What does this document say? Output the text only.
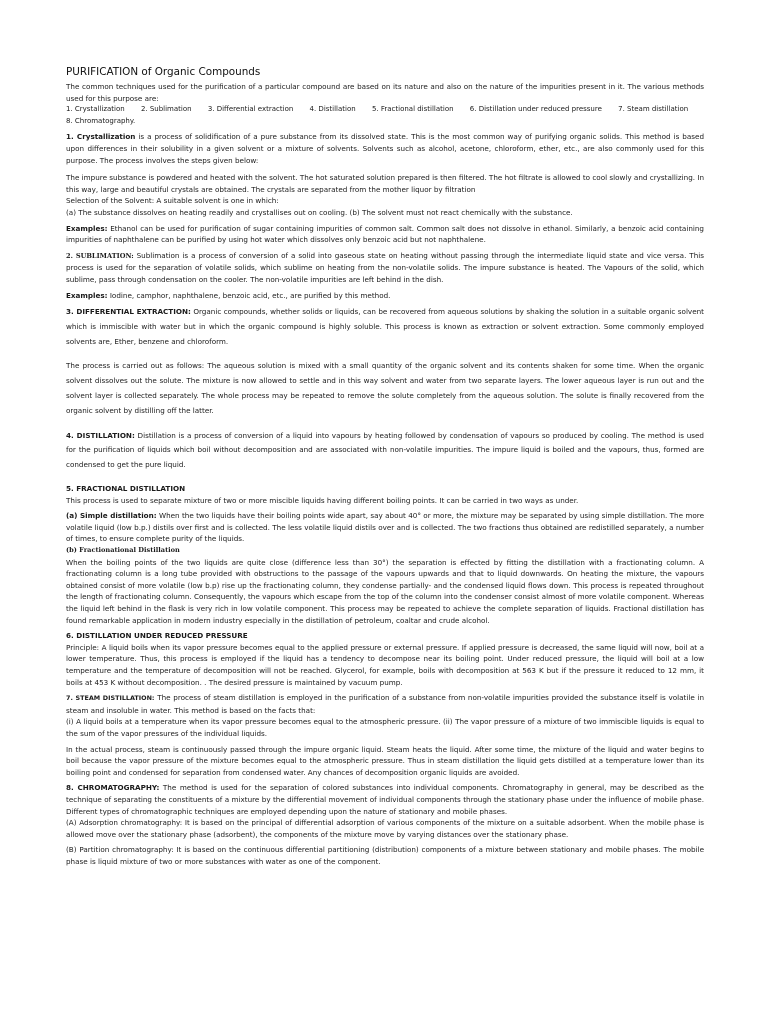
PURIFICATION of Organic Compounds

The common techniques used for the purification of a particular compound are based on its nature and also on the nature of the impurities present in it. The various methods used for this purpose are:

1. Crystallization 2. Sublimation 3. Differential extraction 4. Distillation 5. Fractional distillation 6. Distillation under reduced pressure 7. Steam distillation 8. Chromatography.

1. Crystallization is a process of solidification of a pure substance from its dissolved state. This is the most common way of purifying organic solids. This method is based upon differences in their solubility in a given solvent or a mixture of solvents. Solvents such as alcohol, acetone, chloroform, ether, etc., are also commonly used for this purpose. The process involves the steps given below:

The impure substance is powdered and heated with the solvent. The hot saturated solution prepared is then filtered. The hot filtrate is allowed to cool slowly and crystallizing. In this way, large and beautiful crystals are obtained. The crystals are separated from the mother liquor by filtration

Selection of the Solvent: A suitable solvent is one in which:

(a) The substance dissolves on heating readily and crystallises out on cooling. (b) The solvent must not react chemically with the substance.

Examples: Ethanol can be used for purification of sugar containing impurities of common salt. Common salt does not dissolve in ethanol. Similarly, a benzoic acid containing impurities of naphthalene can be purified by using hot water which dissolves only benzoic acid but not naphthalene.

2. SUBLIMATION: Sublimation is a process of conversion of a solid into gaseous state on heating without passing through the intermediate liquid state and vice versa. This process is used for the separation of volatile solids, which sublime on heating from the non-volatile solids. The impure substance is heated. The Vapours of the solid, which sublime, pass through condensation on the cooler. The non-volatile impurities are left behind in the dish.

Examples: Iodine, camphor, naphthalene, benzoic acid, etc., are purified by this method.

3. DIFFERENTIAL EXTRACTION: Organic compounds, whether solids or liquids, can be recovered from aqueous solutions by shaking the solution in a suitable organic solvent which is immiscible with water but in which the organic compound is highly soluble. This process is known as extraction or solvent extraction. Some commonly employed solvents are, Ether, benzene and chloroform.

The process is carried out as follows: The aqueous solution is mixed with a small quantity of the organic solvent and its contents shaken for some time. When the organic solvent dissolves out the solute. The mixture is now allowed to settle and in this way solvent and water from two separate layers. The lower aqueous layer is run out and the solvent layer is collected separately. The whole process may be repeated to remove the solute completely from the aqueous solution. The solute is finally recovered from the organic solvent by distilling off the latter.

4. DISTILLATION: Distillation is a process of conversion of a liquid into vapours by heating followed by condensation of vapours so produced by cooling. The method is used for the purification of liquids which boil without decomposition and are associated with non-volatile impurities. The impure liquid is boiled and the vapours, thus, formed are condensed to get the pure liquid.

5. FRACTIONAL DISTILLATION

This process is used to separate mixture of two or more miscible liquids having different boiling points. It can be carried in two ways as under.

(a) Simple distillation: When the two liquids have their boiling points wide apart, say about 40° or more, the mixture may be separated by using simple distillation. The more volatile liquid (low b.p.) distils over first and is collected. The less volatile liquid distils over and is collected. The two fractions thus obtained are redistilled separately, a number of times, to ensure complete purity of the liquids.

(b) Fractionational Distillation

When the boiling points of the two liquids are quite close (difference less than 30°) the separation is effected by fitting the distillation with a fractionating column. A fractionating column is a long tube provided with obstructions to the passage of the vapours upwards and that to liquid downwards. On heating the mixture, the vapours obtained consist of more volatile (low b.p) rise up the fractionating column, they condense partially- and the condensed liquid flows down. This process is repeated throughout the length of fractionating column. Consequently, the vapours which escape from the top of the column into the condenser consist almost of more volatile component. Whereas the liquid left behind in the flask is very rich in low volatile component. This process may be repeated to achieve the complete separation of liquids. Fractional distillation has found remarkable application in modern industry especially in the distillation of petroleum, coaltar and crude alcohol.

6. DISTILLATION UNDER REDUCED PRESSURE

Principle: A liquid boils when its vapor pressure becomes equal to the applied pressure or external pressure. If applied pressure is decreased, the same liquid will now, boil at a lower temperature. Thus, this process is employed if the liquid has a tendency to decompose near its boiling point. Under reduced pressure, the liquid will boil at a low temperature and the temperature of decomposition will not be reached. Glycerol, for example, boils with decomposition at 563 K but if the pressure it reduced to 12 mm, it boils at 453 K without decomposition. . The desired pressure is maintained by vacuum pump.

7. STEAM DISTILLATION: The process of steam distillation is employed in the purification of a substance from non-volatile impurities provided the substance itself is volatile in steam and insoluble in water. This method is based on the facts that:

(i) A liquid boils at a temperature when its vapor pressure becomes equal to the atmospheric pressure. (ii) The vapor pressure of a mixture of two immiscible liquids is equal to the sum of the vapor pressures of the individual liquids.

In the actual process, steam is continuously passed through the impure organic liquid. Steam heats the liquid. After some time, the mixture of the liquid and water begins to boil because the vapor pressure of the mixture becomes equal to the atmospheric pressure. Thus in steam distillation the liquid gets distilled at a temperature lower than its boiling point and condensed for separation from condensed water. Any chances of decomposition organic liquids are avoided.

8. CHROMATOGRAPHY: The method is used for the separation of colored substances into individual components. Chromatography in general, may be described as the technique of separating the constituents of a mixture by the differential movement of individual components through the stationary phase under the influence of mobile phase. Different types of chromatographic techniques are employed depending upon the nature of stationary and mobile phases.

(A) Adsorption chromatography: It is based on the principal of differential adsorption of various components of the mixture on a suitable adsorbent. When the mobile phase is allowed move over the stationary phase (adsorbent), the components of the mixture move by varying distances over the stationary phase.

(B) Partition chromatography: It is based on the continuous differential partitioning (distribution) components of a mixture between stationary and mobile phases. The mobile phase is liquid mixture of two or more substances with water as one of the component.
